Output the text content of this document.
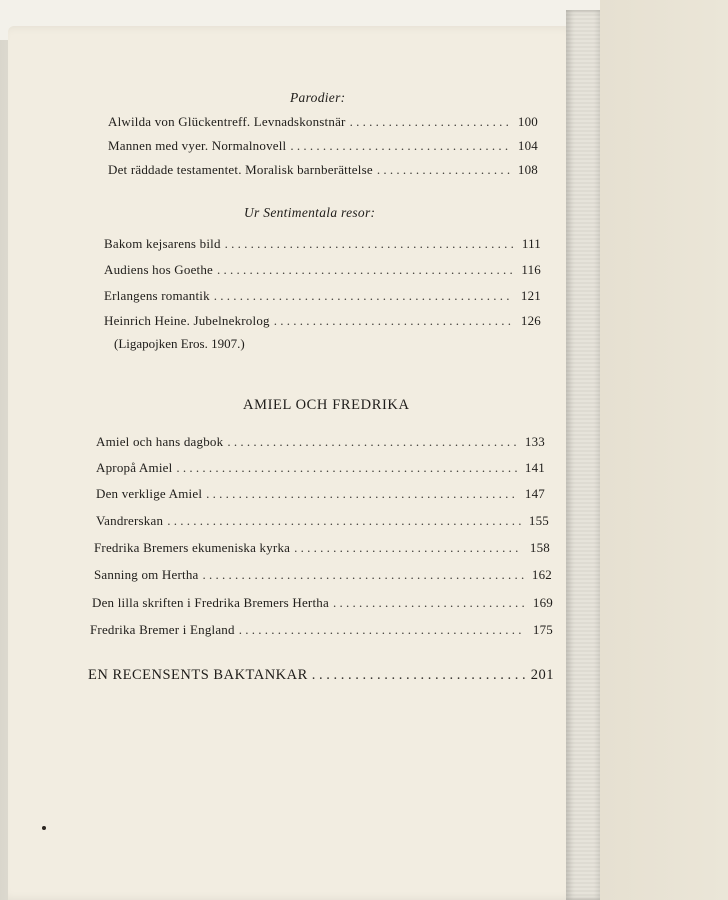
Parodier:
Alwilda von Glückentreff. Levnadskonstnär . . .	100
Mannen med vyer. Normalnovell . . .	104
Det räddade testamentet. Moralisk barnberättelse . . .	108
Ur Sentimentala resor:
Bakom kejsarens bild . . .	111
Audiens hos Goethe . . .	116
Erlangens romantik . . .	121
Heinrich Heine. Jubelnekrolog . . .	126
(Ligapojken Eros. 1907.)
AMIEL OCH FREDRIKA
Amiel och hans dagbok . . .	133
Apropå Amiel . . .	141
Den verklige Amiel . . .	147
Vandrerskan . . .	155
Fredrika Bremers ekumeniska kyrka . . .	158
Sanning om Hertha . . .	162
Den lilla skriften i Fredrika Bremers Hertha . . .	169
Fredrika Bremer i England . . .	175
EN RECENSENTS BAKTANKAR . . .	201
